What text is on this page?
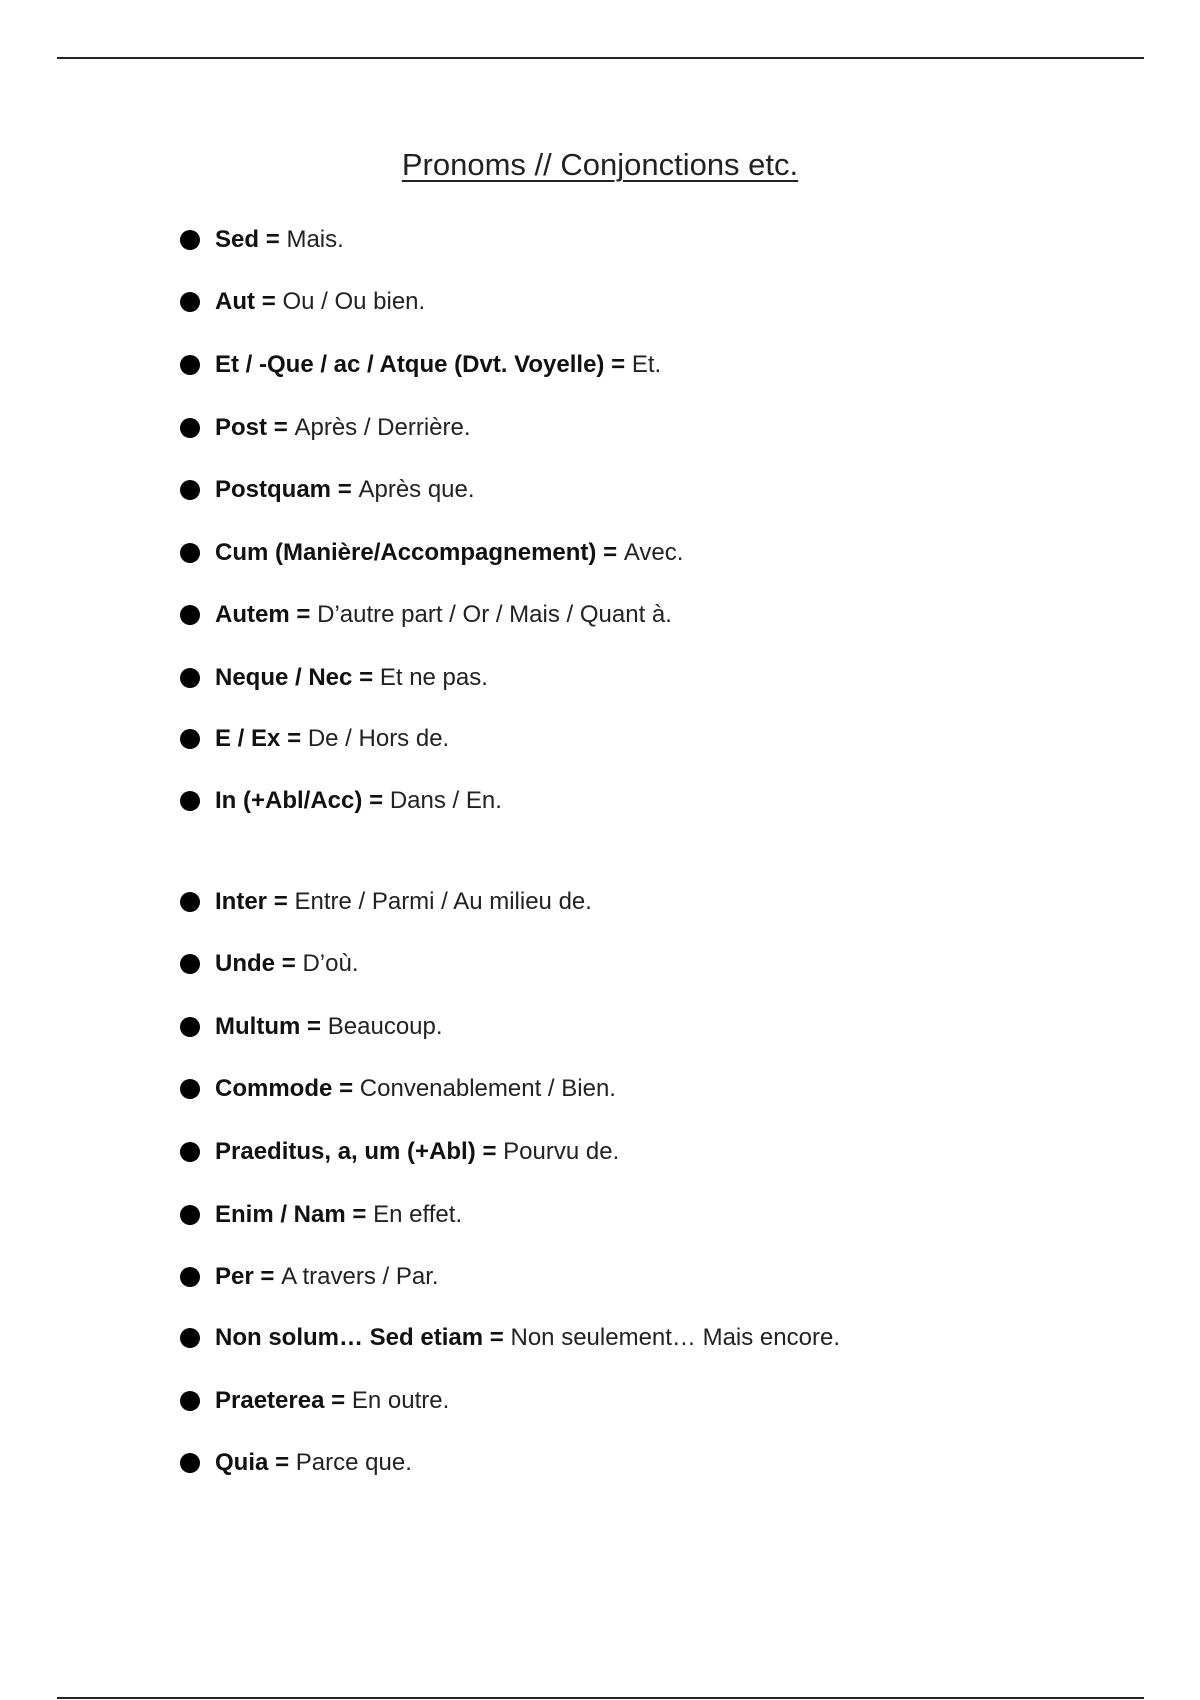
Pronoms // Conjonctions etc.
Sed = Mais.
Aut = Ou / Ou bien.
Et / -Que / ac / Atque (Dvt. Voyelle) = Et.
Post = Après / Derrière.
Postquam = Après que.
Cum (Manière/Accompagnement) = Avec.
Autem = D’autre part / Or / Mais / Quant à.
Neque / Nec = Et ne pas.
E / Ex = De / Hors de.
In (+Abl/Acc) = Dans / En.
Inter = Entre / Parmi / Au milieu de.
Unde = D’où.
Multum = Beaucoup.
Commode = Convenablement / Bien.
Praeditus, a, um (+Abl) = Pourvu de.
Enim / Nam = En effet.
Per = A travers / Par.
Non solum… Sed etiam = Non seulement… Mais encore.
Praeterea = En outre.
Quia = Parce que.
